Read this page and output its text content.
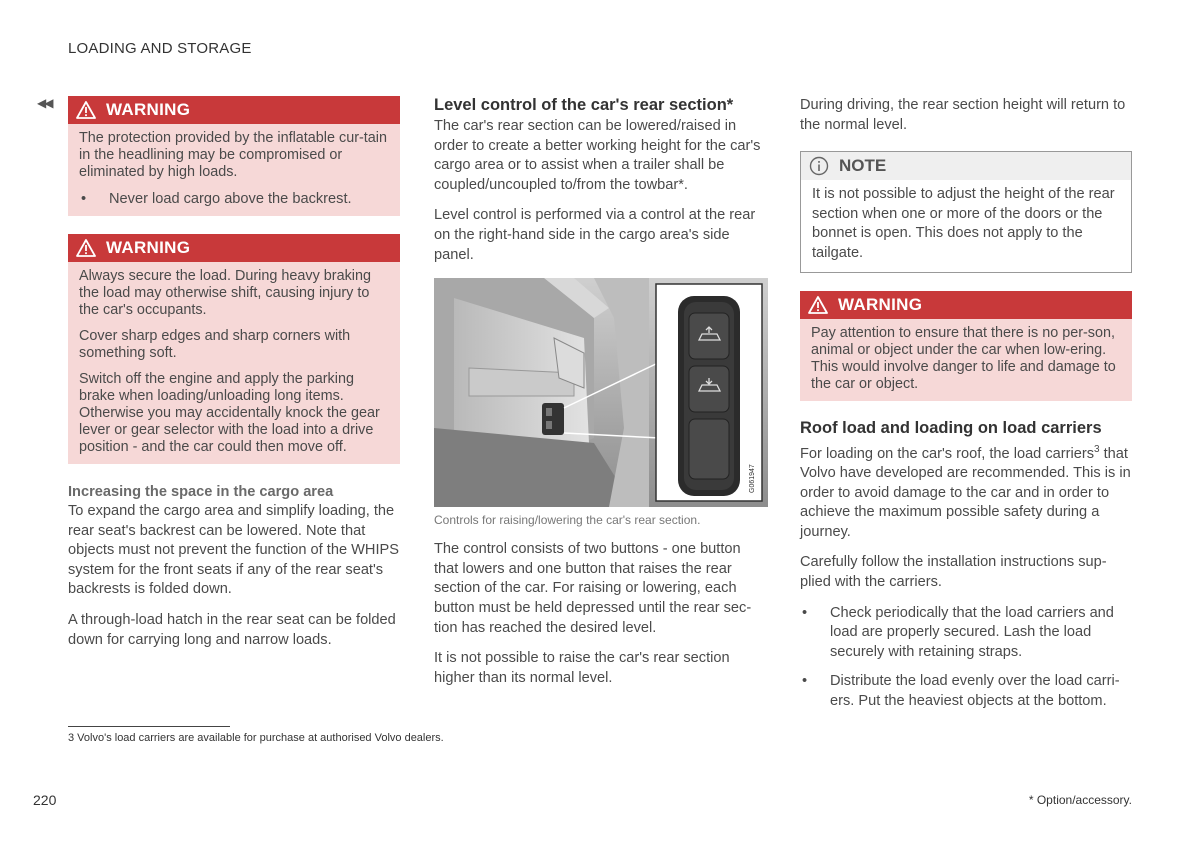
LOADING AND STORAGE
◀◀	WARNING

The protection provided by the inflatable cur-tain in the headlining may be compromised or eliminated by high loads.

•	Never load cargo above the backrest.
WARNING

Always secure the load. During heavy braking the load may otherwise shift, causing injury to the car's occupants.

Cover sharp edges and sharp corners with something soft.

Switch off the engine and apply the parking brake when loading/unloading long items. Otherwise you may accidentally knock the gear lever or gear selector with the load into a drive position - and the car could then move off.

Increasing the space in the cargo area

To expand the cargo area and simplify loading, the rear seat's backrest can be lowered. Note that objects must not prevent the function of the WHIPS system for the front seats if any of the rear seat's backrests is folded down.

A through-load hatch in the rear seat can be folded down for carrying long and narrow loads.

Level control of the car's rear section*

The car's rear section can be lowered/raised in order to create a better working height for the car's cargo area or to assist when a trailer shall be coupled/uncoupled to/from the towbar*.

Level control is performed via a control at the rear on the right-hand side in the cargo area's side panel.

G061947
Controls for raising/lowering the car's rear section.

The control consists of two buttons - one button that lowers and one button that raises the rear section of the car. For raising or lowering, each button must be held depressed until the rear sec-tion has reached the desired level.

It is not possible to raise the car's rear section higher than its normal level.

During driving, the rear section height will return to the normal level.

NOTE

It is not possible to adjust the height of the rear section when one or more of the doors or the bonnet is open. This does not apply to the tailgate.

WARNING

Pay attention to ensure that there is no per-son, animal or object under the car when low-ering. This would involve danger to life and damage to the car or object.

Roof load and loading on load carriers

For loading on the car's roof, the load carriers$^3$ that Volvo have developed are recommended. This is in order to avoid damage to the car and in order to achieve the maximum possible safety during a journey.

Carefully follow the installation instructions sup-plied with the carriers.

•	Check periodically that the load carriers and load are properly secured. Lash the load securely with retaining straps.
•	Distribute the load evenly over the load carri-ers. Put the heaviest objects at the bottom.
3 Volvo's load carriers are available for purchase at authorised Volvo dealers.
220	* Option/accessory.
